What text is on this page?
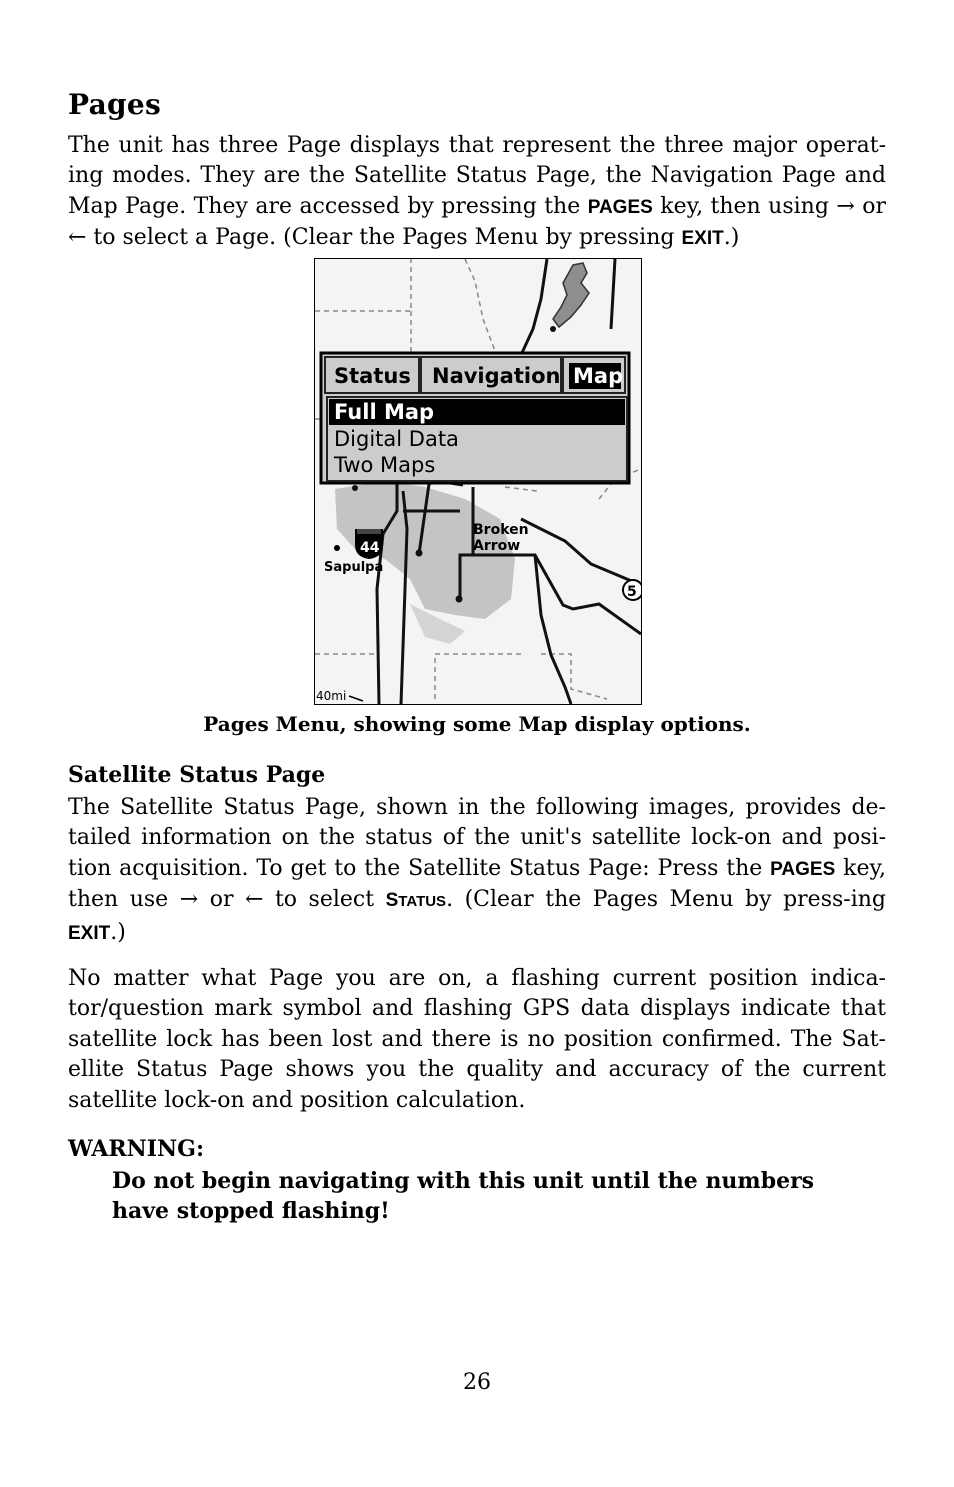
Pages

The unit has three Page displays that represent the three major operat-ing modes. They are the Satellite Status Page, the Navigation Page and Map Page. They are accessed by pressing the PAGES key, then using → or ← to select a Page. (Clear the Pages Menu by pressing EXIT.)

Status Navigation Map
Full Map
Digital Data
Two Maps
44
5
Sapulpa
Broken
Arrow
40mi
Pages Menu, showing some Map display options.
Satellite Status Page

The Satellite Status Page, shown in the following images, provides de-tailed information on the status of the unit's satellite lock-on and posi-tion acquisition. To get to the Satellite Status Page: Press the PAGES key, then use → or ← to select STATUS. (Clear the Pages Menu by press-ing EXIT.)

No matter what Page you are on, a flashing current position indica-tor/question mark symbol and flashing GPS data displays indicate that satellite lock has been lost and there is no position confirmed. The Sat-ellite Status Page shows you the quality and accuracy of the current satellite lock-on and position calculation.

WARNING:
Do not begin navigating with this unit until the numbers have stopped flashing!
26
